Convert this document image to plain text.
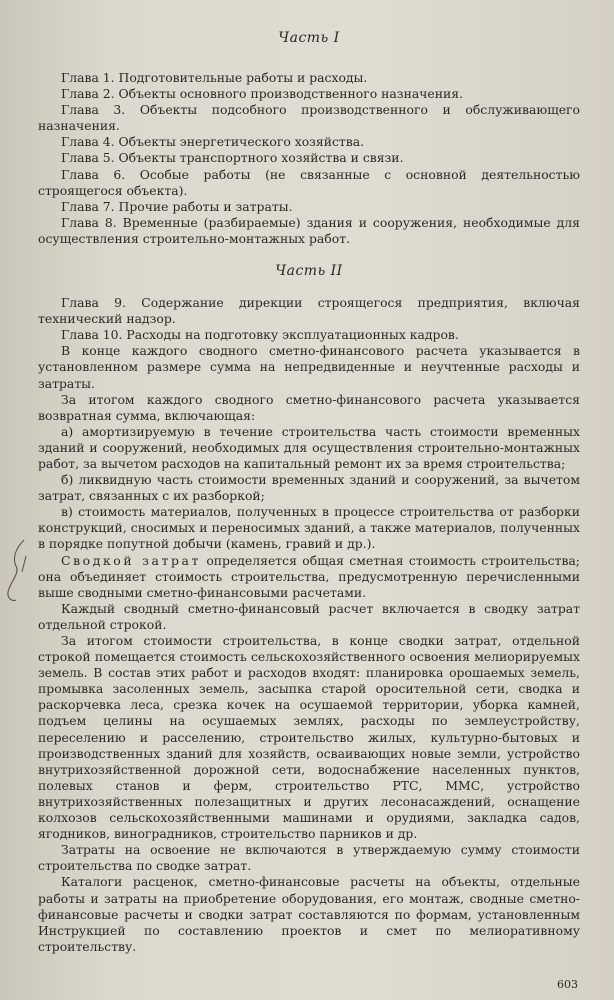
Часть I
Глава 1. Подготовительные работы и расходы.
Глава 2. Объекты основного производственного назначения.
Глава 3. Объекты подсобного производственного и обслуживающего назначения.
Глава 4. Объекты энергетического хозяйства.
Глава 5. Объекты транспортного хозяйства и связи.
Глава 6. Особые работы (не связанные с основной деятельностью строящегося объекта).
Глава 7. Прочие работы и затраты.
Глава 8. Временные (разбираемые) здания и сооружения, необходимые для осуществления строительно-монтажных работ.
Часть II
Глава 9. Содержание дирекции строящегося предприятия, включая технический надзор.
Глава 10. Расходы на подготовку эксплуатационных кадров.
В конце каждого сводного сметно-финансового расчета указывается в установленном размере сумма на непредвиденные и неучтенные расходы и затраты.
За итогом каждого сводного сметно-финансового расчета указывается возвратная сумма, включающая:
а) амортизируемую в течение строительства часть стоимости временных зданий и сооружений, необходимых для осуществления строительно-монтажных работ, за вычетом расходов на капитальный ремонт их за время строительства;
б) ликвидную часть стоимости временных зданий и сооружений, за вычетом затрат, связанных с их разборкой;
в) стоимость материалов, полученных в процессе строительства от разборки конструкций, сносимых и переносимых зданий, а также материалов, полученных в порядке попутной добычи (камень, гравий и др.).
Сводкой затрат определяется общая сметная стоимость строительства; она объединяет стоимость строительства, предусмотренную перечисленными выше сводными сметно-финансовыми расчетами.
Каждый сводный сметно-финансовый расчет включается в сводку затрат отдельной строкой.
За итогом стоимости строительства, в конце сводки затрат, отдельной строкой помещается стоимость сельскохозяйственного освоения мелиорируемых земель. В состав этих работ и расходов входят: планировка орошаемых земель, промывка засоленных земель, засыпка старой оросительной сети, сводка и раскорчевка леса, срезка кочек на осушаемой территории, уборка камней, подъем целины на осушаемых землях, расходы по землеустройству, переселению и расселению, строительство жилых, культурно-бытовых и производственных зданий для хозяйств, осваивающих новые земли, устройство внутрихозяйственной дорожной сети, водоснабжение населенных пунктов, полевых станов и ферм, строительство РТС, ММС, устройство внутрихозяйственных полезащитных и других лесонасаждений, оснащение колхозов сельскохозяйственными машинами и орудиями, закладка садов, ягодников, виноградников, строительство парников и др.
Затраты на освоение не включаются в утверждаемую сумму стоимости строительства по сводке затрат.
Каталоги расценок, сметно-финансовые расчеты на объекты, отдельные работы и затраты на приобретение оборудования, его монтаж, сводные сметно-финансовые расчеты и сводки затрат составляются по формам, установленным Инструкцией по составлению проектов и смет по мелиоративному строительству.
603
